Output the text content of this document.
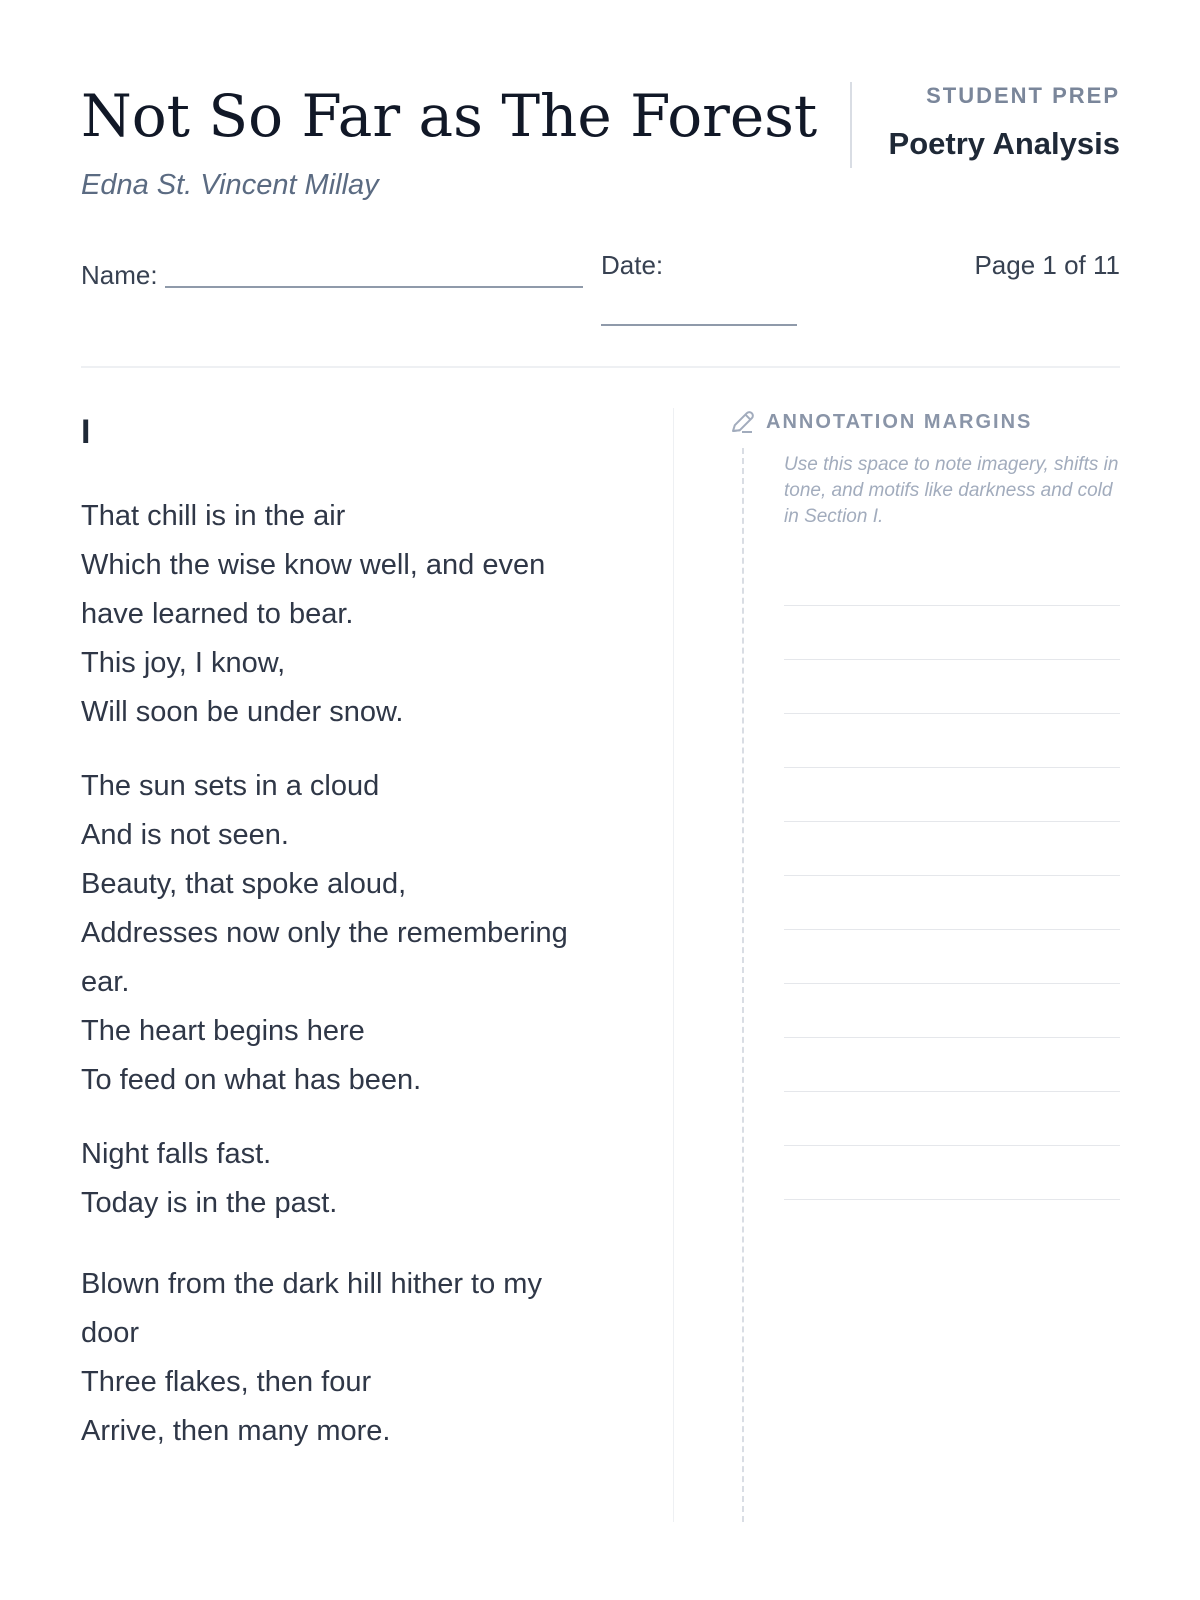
Not So Far as The Forest
Edna St. Vincent Millay
STUDENT PREP
Poetry Analysis
Name:	Date:	Page 1 of 11
I
That chill is in the air
Which the wise know well, and even
have learned to bear.
This joy, I know,
Will soon be under snow.
The sun sets in a cloud
And is not seen.
Beauty, that spoke aloud,
Addresses now only the remembering
ear.
The heart begins here
To feed on what has been.
Night falls fast.
Today is in the past.
Blown from the dark hill hither to my
door
Three flakes, then four
Arrive, then many more.
ANNOTATION MARGINS
Use this space to note imagery, shifts in tone, and motifs like darkness and cold in Section I.
